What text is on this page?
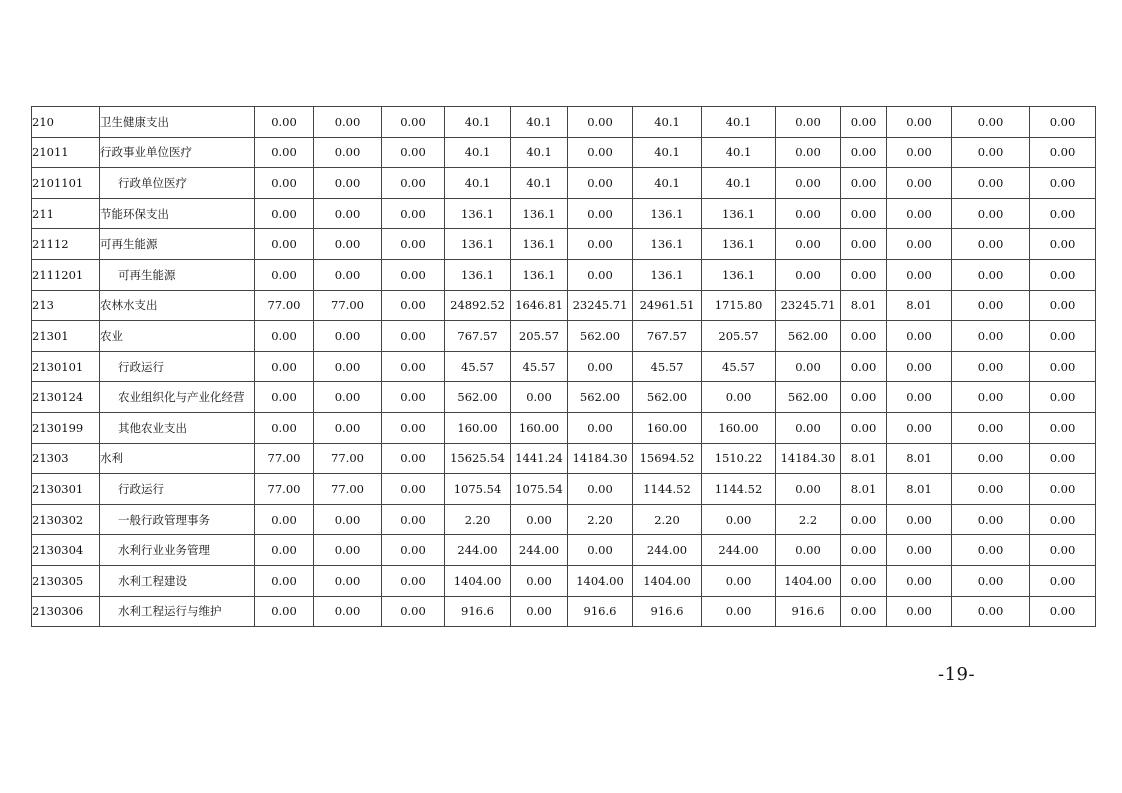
210	卫生健康支出	0.00	0.00	0.00	40.1	40.1	0.00	40.1	40.1	0.00	0.00	0.00	0.00	0.00
21011	行政事业单位医疗	0.00	0.00	0.00	40.1	40.1	0.00	40.1	40.1	0.00	0.00	0.00	0.00	0.00
2101101	行政单位医疗	0.00	0.00	0.00	40.1	40.1	0.00	40.1	40.1	0.00	0.00	0.00	0.00	0.00
211	节能环保支出	0.00	0.00	0.00	136.1	136.1	0.00	136.1	136.1	0.00	0.00	0.00	0.00	0.00
21112	可再生能源	0.00	0.00	0.00	136.1	136.1	0.00	136.1	136.1	0.00	0.00	0.00	0.00	0.00
2111201	可再生能源	0.00	0.00	0.00	136.1	136.1	0.00	136.1	136.1	0.00	0.00	0.00	0.00	0.00
213	农林水支出	77.00	77.00	0.00	24892.52	1646.81	23245.71	24961.51	1715.80	23245.71	8.01	8.01	0.00	0.00
21301	农业	0.00	0.00	0.00	767.57	205.57	562.00	767.57	205.57	562.00	0.00	0.00	0.00	0.00
2130101	行政运行	0.00	0.00	0.00	45.57	45.57	0.00	45.57	45.57	0.00	0.00	0.00	0.00	0.00
2130124	农业组织化与产业化经营	0.00	0.00	0.00	562.00	0.00	562.00	562.00	0.00	562.00	0.00	0.00	0.00	0.00
2130199	其他农业支出	0.00	0.00	0.00	160.00	160.00	0.00	160.00	160.00	0.00	0.00	0.00	0.00	0.00
21303	水利	77.00	77.00	0.00	15625.54	1441.24	14184.30	15694.52	1510.22	14184.30	8.01	8.01	0.00	0.00
2130301	行政运行	77.00	77.00	0.00	1075.54	1075.54	0.00	1144.52	1144.52	0.00	8.01	8.01	0.00	0.00
2130302	一般行政管理事务	0.00	0.00	0.00	2.20	0.00	2.20	2.20	0.00	2.2	0.00	0.00	0.00	0.00
2130304	水利行业业务管理	0.00	0.00	0.00	244.00	244.00	0.00	244.00	244.00	0.00	0.00	0.00	0.00	0.00
2130305	水利工程建设	0.00	0.00	0.00	1404.00	0.00	1404.00	1404.00	0.00	1404.00	0.00	0.00	0.00	0.00
2130306	水利工程运行与维护	0.00	0.00	0.00	916.6	0.00	916.6	916.6	0.00	916.6	0.00	0.00	0.00	0.00
-19-
